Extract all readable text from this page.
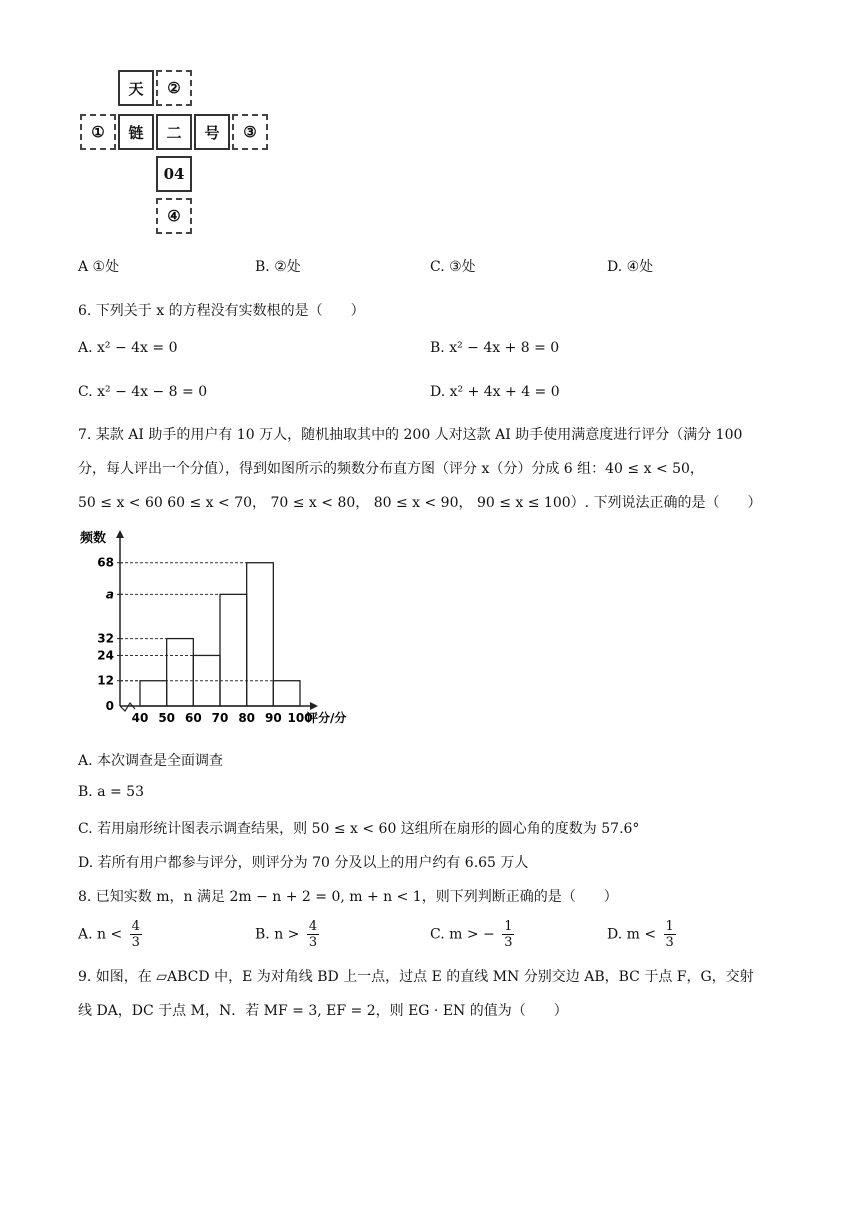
天	②
①	链	二	号	③
04
④
A ①处	B. ②处	C. ③处	D. ④处
6. 下列关于 x 的方程没有实数根的是（　　）
A. x² − 4x = 0	B. x² − 4x + 8 = 0
C. x² − 4x − 8 = 0	D. x² + 4x + 4 = 0
7. 某款 AI 助手的用户有 10 万人，随机抽取其中的 200 人对这款 AI 助手使用满意度进行评分（满分 100
分，每人评出一个分值），得到如图所示的频数分布直方图（评分 x（分）分成 6 组：40 ≤ x < 50，
50 ≤ x < 60 60 ≤ x < 70， 70 ≤ x < 80， 80 ≤ x < 90， 90 ≤ x ≤ 100）. 下列说法正确的是（　　）
频数
评分/分
0
12
24
32
a
68
40 50 60 70 80 90 100
A. 本次调查是全面调查
B. a = 53
C. 若用扇形统计图表示调查结果，则 50 ≤ x < 60 这组所在扇形的圆心角的度数为 57.6°
D. 若所有用户都参与评分，则评分为 70 分及以上的用户约有 6.65 万人
8. 已知实数 m，n 满足 2m − n + 2 = 0, m + n < 1，则下列判断正确的是（　　）
A. $n < \frac{4}{3}$	B. $n > \frac{4}{3}$	C. m > − $\frac{1}{3}$	D. $m < \frac{1}{3}$
9. 如图，在 ▱ABCD 中，E 为对角线 BD 上一点，过点 E 的直线 MN 分别交边 AB，BC 于点 F，G，交射
线 DA，DC 于点 M，N．若 MF = 3, EF = 2，则 EG · EN 的值为（　　）
